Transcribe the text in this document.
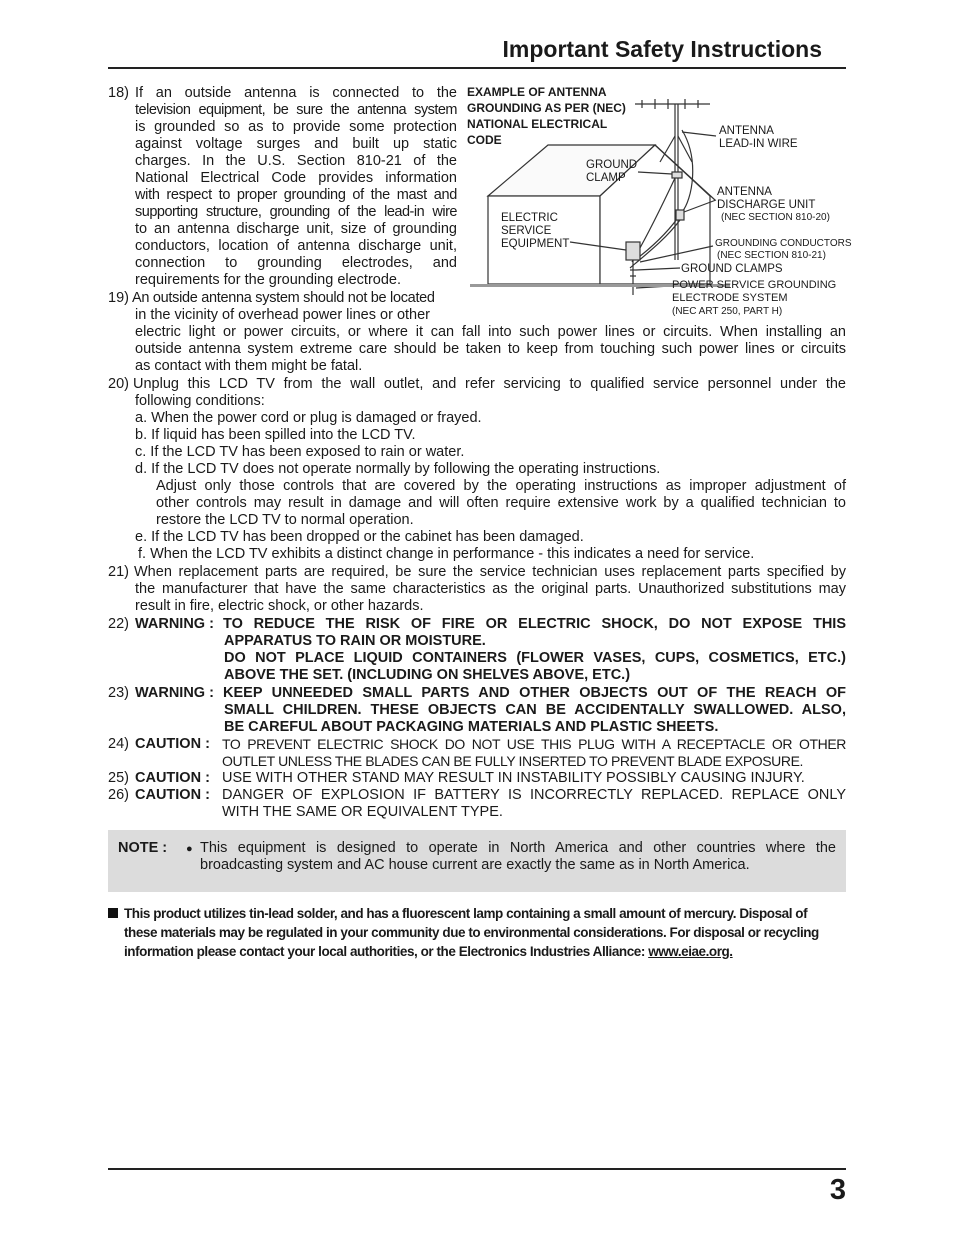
Important Safety Instructions
EXAMPLE OF ANTENNA
GROUNDING AS PER (NEC)
NATIONAL ELECTRICAL
CODE
ANTENNA
LEAD-IN WIRE
GROUND
CLAMP
ANTENNA
DISCHARGE UNIT
(NEC SECTION 810-20)
ELECTRIC
SERVICE
EQUIPMENT	GROUNDING CONDUCTORS
(NEC SECTION 810-21)
GROUND CLAMPS
POWER SERVICE GROUNDING
ELECTRODE SYSTEM
(NEC ART 250, PART H)
18) If an outside antenna is connected to the
television equipment, be sure the antenna system
is grounded so as to provide some protection
against voltage surges and built up static
charges. In the U.S. Section 810-21 of the
National Electrical Code provides information
with respect to proper grounding of the mast and
supporting structure, grounding of the lead-in wire
to an antenna discharge unit, size of grounding
conductors, location of antenna discharge unit,
connection to grounding electrodes, and
requirements for the grounding electrode.
19) An outside antenna system should not be located
in the vicinity of overhead power lines or other
electric light or power circuits, or where it can fall into such power lines or circuits. When installing an
outside antenna system extreme care should be taken to keep from touching such power lines or circuits
as contact with them might be fatal.
20) Unplug this LCD TV from the wall outlet, and refer servicing to qualified service personnel under the
following conditions:
a. When the power cord or plug is damaged or frayed.
b. If liquid has been spilled into the LCD TV.
c. If the LCD TV has been exposed to rain or water.
d. If the LCD TV does not operate normally by following the operating instructions.
Adjust only those controls that are covered by the operating instructions as improper adjustment of
other controls may result in damage and will often require extensive work by a qualified technician to
restore the LCD TV to normal operation.
e. If the LCD TV has been dropped or the cabinet has been damaged.
f. When the LCD TV exhibits a distinct change in performance - this indicates a need for service.
21) When replacement parts are required, be sure the service technician uses replacement parts specified by
the manufacturer that have the same characteristics as the original parts. Unauthorized substitutions may
result in fire, electric shock, or other hazards.
22) WARNING : TO REDUCE THE RISK OF FIRE OR ELECTRIC SHOCK, DO NOT EXPOSE THIS
APPARATUS TO RAIN OR MOISTURE.
DO NOT PLACE LIQUID CONTAINERS (FLOWER VASES, CUPS, COSMETICS, ETC.)
ABOVE THE SET. (INCLUDING ON SHELVES ABOVE, ETC.)
23) WARNING : KEEP UNNEEDED SMALL PARTS AND OTHER OBJECTS OUT OF THE REACH OF
SMALL CHILDREN. THESE OBJECTS CAN BE ACCIDENTALLY SWALLOWED. ALSO,
BE CAREFUL ABOUT PACKAGING MATERIALS AND PLASTIC SHEETS.
24) CAUTION : TO PREVENT ELECTRIC SHOCK DO NOT USE THIS PLUG WITH A RECEPTACLE OR OTHER
OUTLET UNLESS THE BLADES CAN BE FULLY INSERTED TO PREVENT BLADE EXPOSURE.
25) CAUTION : USE WITH OTHER STAND MAY RESULT IN INSTABILITY POSSIBLY CAUSING INJURY.
26) CAUTION : DANGER OF EXPLOSION IF BATTERY IS INCORRECTLY REPLACED. REPLACE ONLY
WITH THE SAME OR EQUIVALENT TYPE.
NOTE : ● This equipment is designed to operate in North America and other countries where the
broadcasting system and AC house current are exactly the same as in North America.
This product utilizes tin-lead solder, and has a fluorescent lamp containing a small amount of mercury. Disposal of
these materials may be regulated in your community due to environmental considerations. For disposal or recycling
information please contact your local authorities, or the Electronics Industries Alliance: www.eiae.org.
3
